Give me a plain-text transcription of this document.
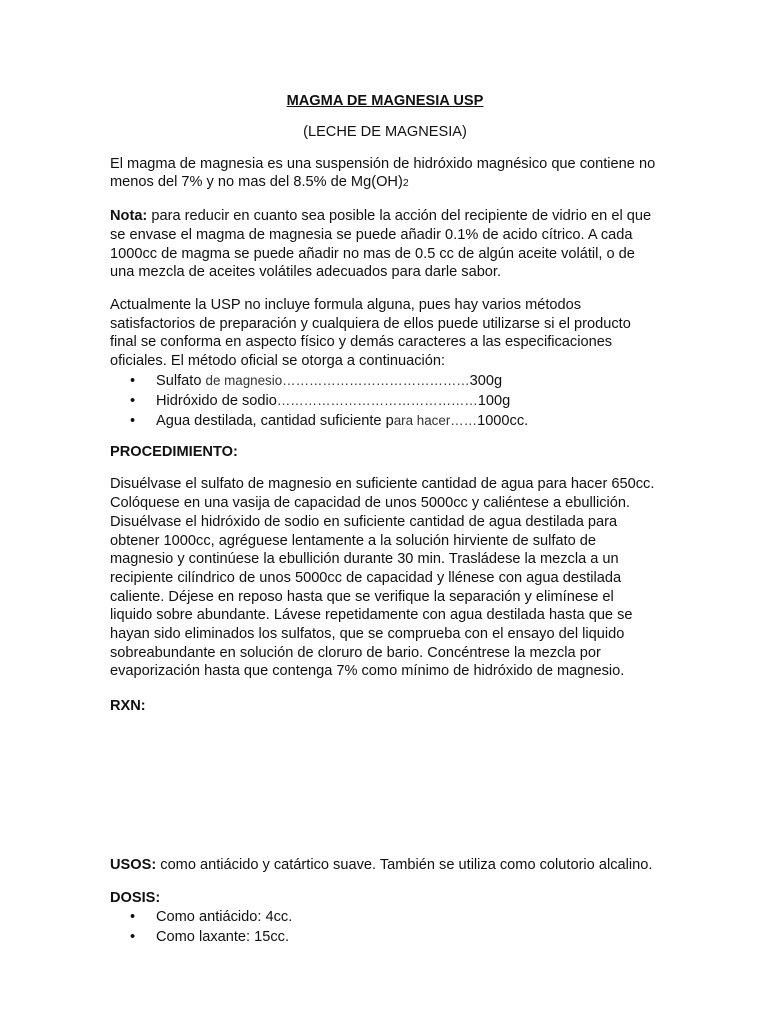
MAGMA DE MAGNESIA USP

(LECHE DE MAGNESIA)

El magma de magnesia es una suspensión de hidróxido magnésico que contiene no menos del 7% y no mas del 8.5% de Mg(OH)2

Nota: para reducir en cuanto sea posible la acción del recipiente de vidrio en el que se envase el magma de magnesia se puede añadir 0.1% de acido cítrico. A cada 1000cc de magma se puede añadir no mas de 0.5 cc de algún aceite volátil, o de una mezcla de aceites volátiles adecuados para darle sabor.

Actualmente la USP no incluye formula alguna, pues hay varios métodos satisfactorios de preparación y cualquiera de ellos puede utilizarse si el producto final se conforma en aspecto físico y demás caracteres a las especificaciones oficiales. El método oficial se otorga a continuación:

• Sulfato de magnesio……………………………………300g
• Hidróxido de sodio………………………………………100g
• Agua destilada, cantidad suficiente para hacer……1000cc.

PROCEDIMIENTO:

Disuélvase el sulfato de magnesio en suficiente cantidad de agua para hacer 650cc. Colóquese en una vasija de capacidad de unos 5000cc y caliéntese a ebullición. Disuélvase el hidróxido de sodio en suficiente cantidad de agua destilada para obtener 1000cc, agréguese lentamente a la solución hirviente de sulfato de magnesio y continúese la ebullición durante 30 min. Trasládese la mezcla a un recipiente cilíndrico de unos 5000cc de capacidad y llénese con agua destilada caliente. Déjese en reposo hasta que se verifique la separación y elimínese el liquido sobre abundante. Lávese repetidamente con agua destilada hasta que se hayan sido eliminados los sulfatos, que se comprueba con el ensayo del liquido sobreabundante en solución de cloruro de bario. Concéntrese la mezcla por evaporización hasta que contenga 7% como mínimo de hidróxido de magnesio.

RXN:

USOS: como antiácido y catártico suave. También se utiliza como colutorio alcalino.

DOSIS:

• Como antiácido: 4cc.
• Como laxante: 15cc.
